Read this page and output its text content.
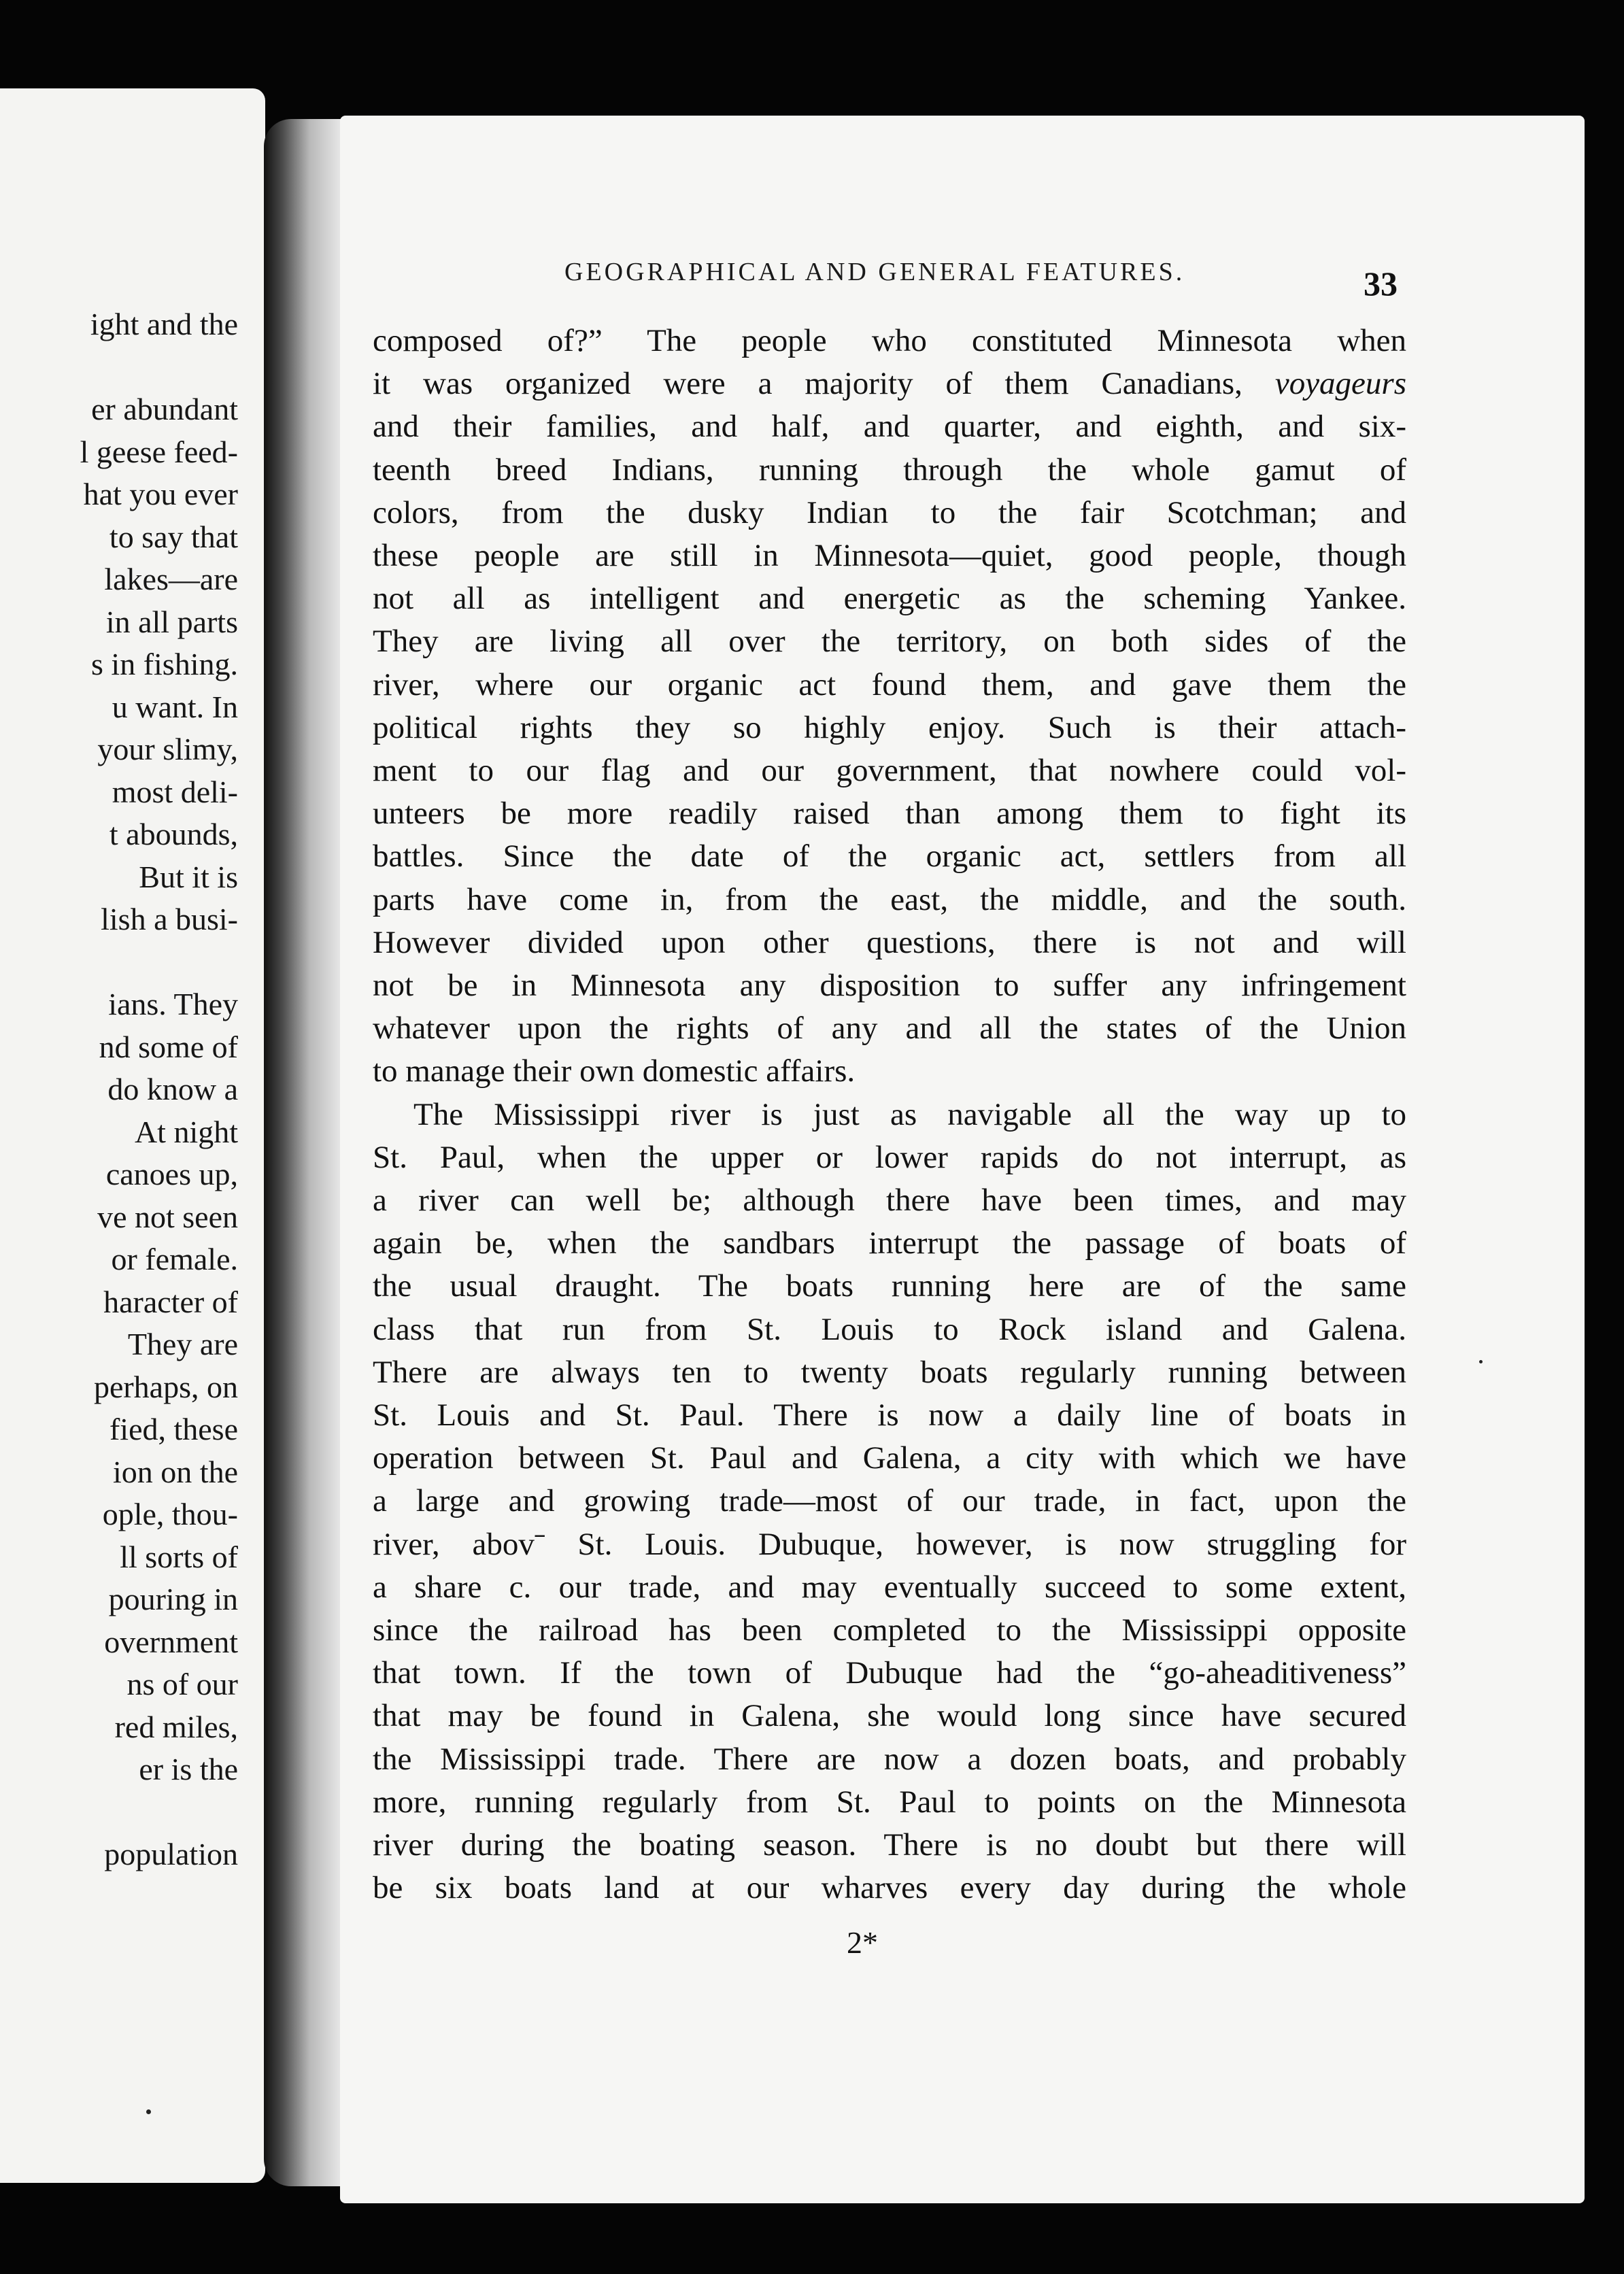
ight and the
er abundant
l geese feed-
hat you ever
to say that
lakes—are
in all parts
s in fishing.
u want. In
your slimy,
most deli-
t abounds,
But it is
lish a busi-
ians. They
nd some of
do know a
At night
canoes up,
ve not seen
or female.
haracter of
They are
perhaps, on
fied, these
ion on the
ople, thou-
ll sorts of
pouring in
overnment
ns of our
red miles,
er is the
population
GEOGRAPHICAL AND GENERAL FEATURES.	33
composed of?” The people who constituted Minnesota when
it was organized were a majority of them Canadians, voyageurs
and their families, and half, and quarter, and eighth, and six-
teenth breed Indians, running through the whole gamut of
colors, from the dusky Indian to the fair Scotchman; and
these people are still in Minnesota—quiet, good people, though
not all as intelligent and energetic as the scheming Yankee.
They are living all over the territory, on both sides of the
river, where our organic act found them, and gave them the
political rights they so highly enjoy. Such is their attach-
ment to our flag and our government, that nowhere could vol-
unteers be more readily raised than among them to fight its
battles. Since the date of the organic act, settlers from all
parts have come in, from the east, the middle, and the south.
However divided upon other questions, there is not and will
not be in Minnesota any disposition to suffer any infringement
whatever upon the rights of any and all the states of the Union
to manage their own domestic affairs.
The Mississippi river is just as navigable all the way up to
St. Paul, when the upper or lower rapids do not interrupt, as
a river can well be; although there have been times, and may
again be, when the sandbars interrupt the passage of boats of
the usual draught. The boats running here are of the same
class that run from St. Louis to Rock island and Galena.
There are always ten to twenty boats regularly running between
St. Louis and St. Paul. There is now a daily line of boats in
operation between St. Paul and Galena, a city with which we have
a large and growing trade—most of our trade, in fact, upon the
river, abovˉ St. Louis. Dubuque, however, is now struggling for
a share c. our trade, and may eventually succeed to some extent,
since the railroad has been completed to the Mississippi opposite
that town. If the town of Dubuque had the “go-aheaditiveness”
that may be found in Galena, she would long since have secured
the Mississippi trade. There are now a dozen boats, and probably
more, running regularly from St. Paul to points on the Minnesota
river during the boating season. There is no doubt but there will
be six boats land at our wharves every day during the whole
2*
